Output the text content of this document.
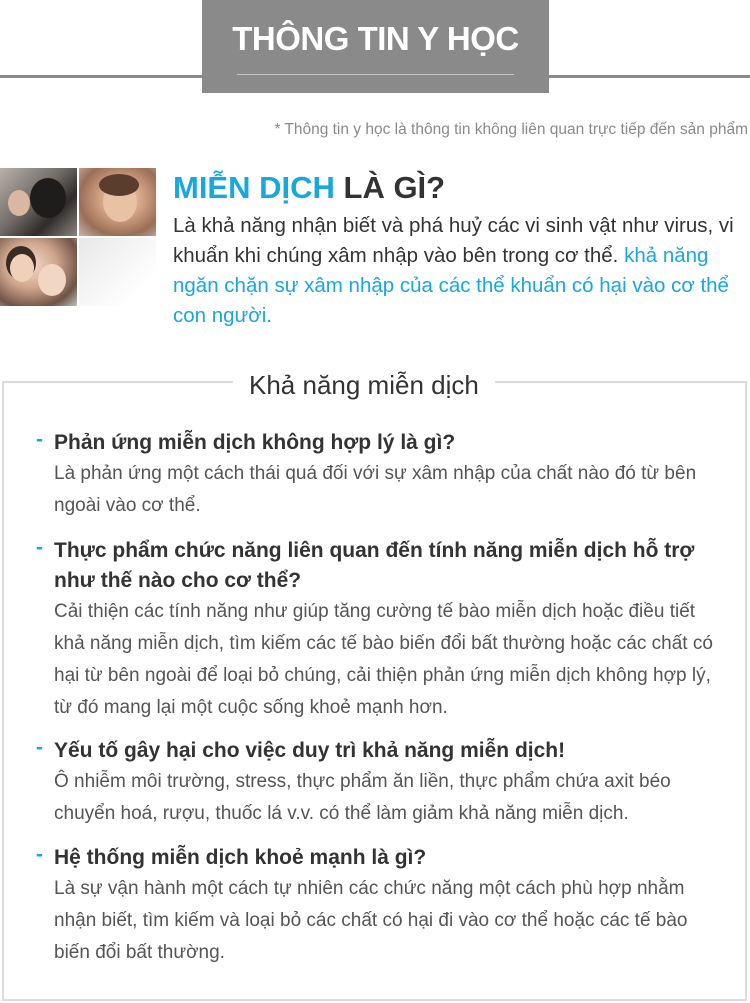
THÔNG TIN Y HỌC
* Thông tin y học là thông tin không liên quan trực tiếp đến sản phẩm
MIỄN DỊCH LÀ GÌ?
Là khả năng nhận biết và phá huỷ các vi sinh vật như virus, vi khuẩn khi chúng xâm nhập vào bên trong cơ thể. khả năng ngăn chặn sự xâm nhập của các thể khuẩn có hại vào cơ thể con người.
Khả năng miễn dịch
- Phản ứng miễn dịch không hợp lý là gì?
Là phản ứng một cách thái quá đối với sự xâm nhập của chất nào đó từ bên ngoài vào cơ thể.
- Thực phẩm chức năng liên quan đến tính năng miễn dịch hỗ trợ như thế nào cho cơ thể?
Cải thiện các tính năng như giúp tăng cường tế bào miễn dịch hoặc điều tiết khả năng miễn dịch, tìm kiếm các tế bào biến đổi bất thường hoặc các chất có hại từ bên ngoài để loại bỏ chúng, cải thiện phản ứng miễn dịch không hợp lý, từ đó mang lại một cuộc sống khoẻ mạnh hơn.
- Yếu tố gây hại cho việc duy trì khả năng miễn dịch!
Ô nhiễm môi trường, stress, thực phẩm ăn liền, thực phẩm chứa axit béo chuyển hoá, rượu, thuốc lá v.v. có thể làm giảm khả năng miễn dịch.
- Hệ thống miễn dịch khoẻ mạnh là gì?
Là sự vận hành một cách tự nhiên các chức năng một cách phù hợp nhằm nhận biết, tìm kiếm và loại bỏ các chất có hại đi vào cơ thể hoặc các tế bào biến đổi bất thường.
